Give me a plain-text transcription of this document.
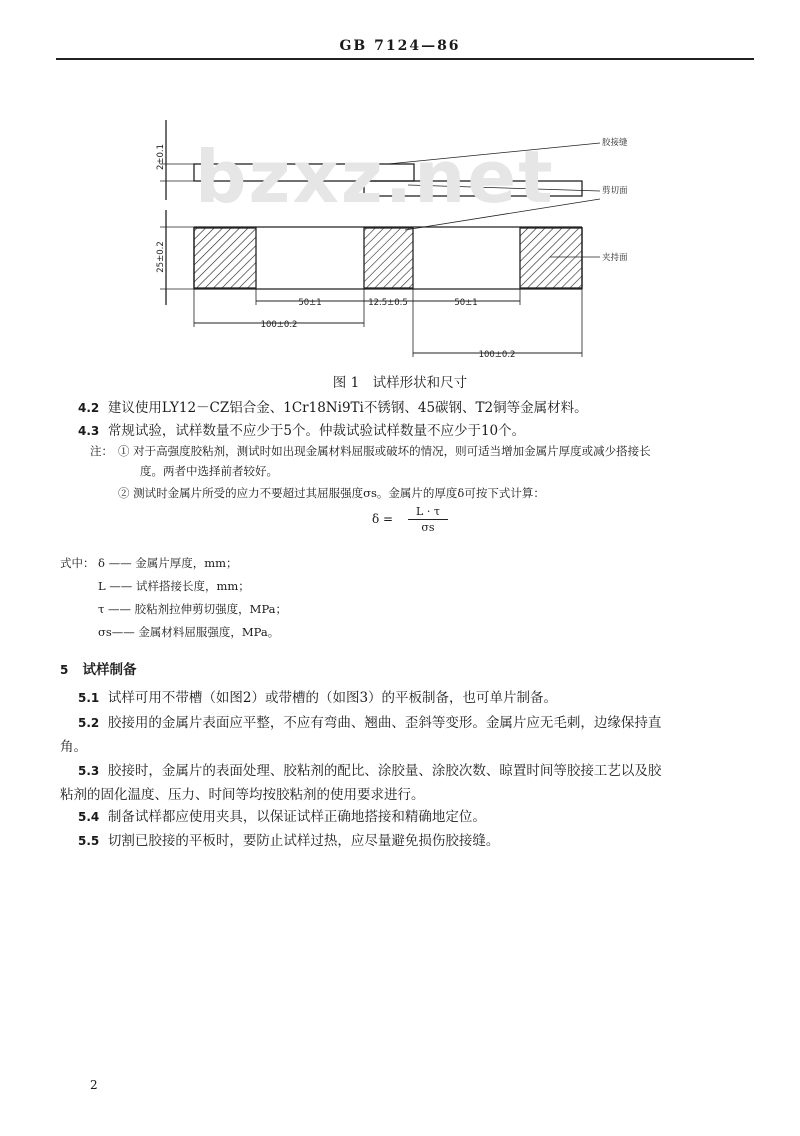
GB 7124—86
2±0.1
25±0.2
胶接缝
剪切面
夹持面
50±1	12.5±0.5	50±1
100±0.2
100±0.2
bzxz.net
图 1　试样形状和尺寸
4.2 建议使用LY12－CZ铝合金、1Cr18Ni9Ti不锈钢、45碳钢、T2铜等金属材料。
4.3 常规试验，试样数量不应少于5个。仲裁试验试样数量不应少于10个。
注： ① 对于高强度胶粘剂，测试时如出现金属材料屈服或破坏的情况，则可适当增加金属片厚度或减少搭接长
度。两者中选择前者较好。
② 测试时金属片所受的应力不要超过其屈服强度σs。金属片的厚度δ可按下式计算：
δ =
L · τ
σs
式中： δ —— 金属片厚度，mm；
L —— 试样搭接长度，mm；
τ —— 胶粘剂拉伸剪切强度，MPa；
σs—— 金属材料屈服强度，MPa。
5 试样制备
5.1 试样可用不带槽（如图2）或带槽的（如图3）的平板制备，也可单片制备。
5.2 胶接用的金属片表面应平整，不应有弯曲、翘曲、歪斜等变形。金属片应无毛刺，边缘保持直
角。
5.3 胶接时，金属片的表面处理、胶粘剂的配比、涂胶量、涂胶次数、晾置时间等胶接工艺以及胶
粘剂的固化温度、压力、时间等均按胶粘剂的使用要求进行。
5.4 制备试样都应使用夹具，以保证试样正确地搭接和精确地定位。
5.5 切割已胶接的平板时，要防止试样过热，应尽量避免损伤胶接缝。
2
